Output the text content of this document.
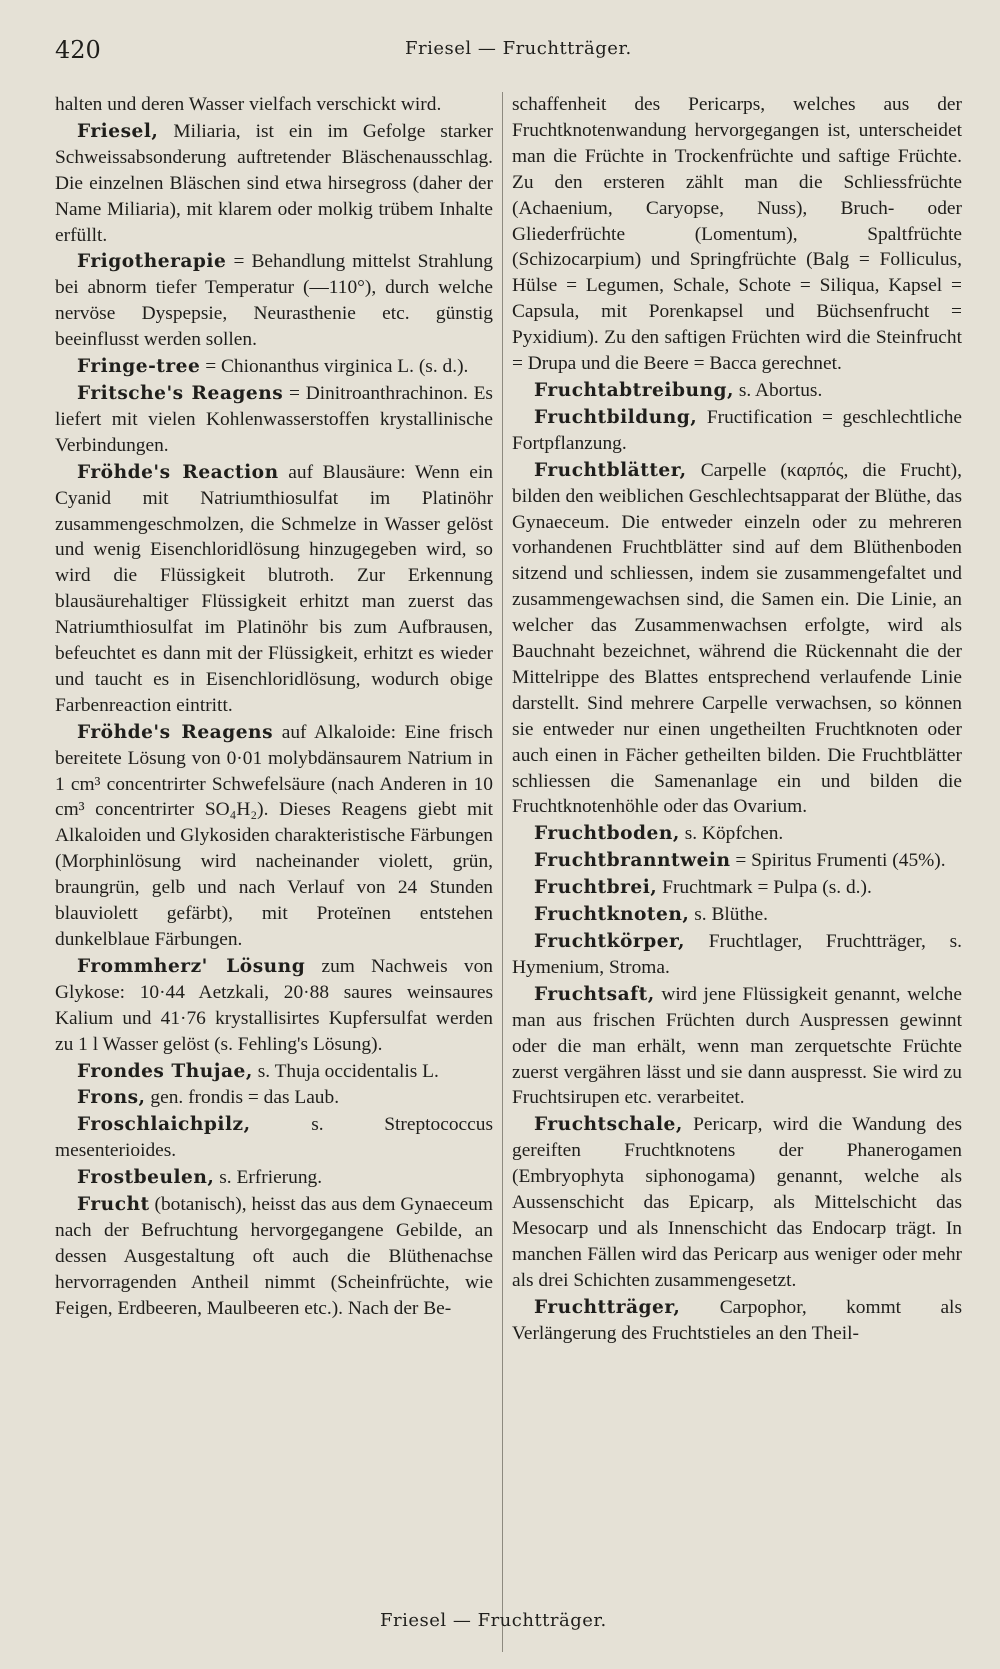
420	Friesel — Fruchtträger.

halten und deren Wasser vielfach verschickt wird.

Friesel, Miliaria, ist ein im Gefolge starker Schweissabsonderung auftretender Bläschenausschlag. Die einzelnen Bläschen sind etwa hirsegross (daher der Name Miliaria), mit klarem oder molkig trübem Inhalte erfüllt.

Frigotherapie = Behandlung mittelst Strahlung bei abnorm tiefer Temperatur (—110°), durch welche nervöse Dyspepsie, Neurasthenie etc. günstig beeinflusst werden sollen.

Fringe-tree = Chionanthus virginica L. (s. d.).

Fritsche's Reagens = Dinitroanthrachinon. Es liefert mit vielen Kohlenwasserstoffen krystallinische Verbindungen.

Fröhde's Reaction auf Blausäure: Wenn ein Cyanid mit Natriumthiosulfat im Platinöhr zusammengeschmolzen, die Schmelze in Wasser gelöst und wenig Eisenchloridlösung hinzugegeben wird, so wird die Flüssigkeit blutroth. Zur Erkennung blausäurehaltiger Flüssigkeit erhitzt man zuerst das Natriumthiosulfat im Platinöhr bis zum Aufbrausen, befeuchtet es dann mit der Flüssigkeit, erhitzt es wieder und taucht es in Eisenchloridlösung, wodurch obige Farbenreaction eintritt.

Fröhde's Reagens auf Alkaloide: Eine frisch bereitete Lösung von 0·01 molybdänsaurem Natrium in 1 cm³ concentrirter Schwefelsäure (nach Anderen in 10 cm³ concentrirter SO₄H₂). Dieses Reagens giebt mit Alkaloiden und Glykosiden charakteristische Färbungen (Morphinlösung wird nacheinander violett, grün, braungrün, gelb und nach Verlauf von 24 Stunden blauviolett gefärbt), mit Proteïnen entstehen dunkelblaue Färbungen.

Frommherz' Lösung zum Nachweis von Glykose: 10·44 Aetzkali, 20·88 saures weinsaures Kalium und 41·76 krystallisirtes Kupfersulfat werden zu 1 l Wasser gelöst (s. Fehling's Lösung).

Frondes Thujae, s. Thuja occidentalis L.

Frons, gen. frondis = das Laub.

Froschlaichpilz,	s. Streptococcus mesenterioides.

Frostbeulen, s. Erfrierung.

Frucht (botanisch), heisst das aus dem Gynaeceum nach der Befruchtung hervorgegangene Gebilde, an dessen Ausgestaltung oft auch die Blüthenachse hervorragenden Antheil nimmt (Scheinfrüchte, wie Feigen, Erdbeeren, Maulbeeren etc.). Nach der Be-

schaffenheit des Pericarps, welches aus der Fruchtknotenwandung hervorgegangen ist, unterscheidet man die Früchte in Trockenfrüchte und saftige Früchte. Zu den ersteren zählt man die Schliessfrüchte (Achaenium, Caryopse, Nuss), Bruch- oder Gliederfrüchte (Lomentum), Spaltfrüchte (Schizocarpium) und Springfrüchte (Balg = Folliculus, Hülse = Legumen, Schale, Schote = Siliqua, Kapsel = Capsula, mit Porenkapsel und Büchsenfrucht = Pyxidium). Zu den saftigen Früchten wird die Steinfrucht = Drupa und die Beere = Bacca gerechnet.

Fruchtabtreibung, s. Abortus.

Fruchtbildung, Fructification = geschlechtliche Fortpflanzung.

Fruchtblätter, Carpelle (καρπός, die Frucht), bilden den weiblichen Geschlechtsapparat der Blüthe, das Gynaeceum. Die entweder einzeln oder zu mehreren vorhandenen Fruchtblätter sind auf dem Blüthenboden sitzend und schliessen, indem sie zusammengefaltet und zusammengewachsen sind, die Samen ein. Die Linie, an welcher das Zusammenwachsen erfolgte, wird als Bauchnaht bezeichnet, während die Rückennaht die der Mittelrippe des Blattes entsprechend verlaufende Linie darstellt. Sind mehrere Carpelle verwachsen, so können sie entweder nur einen ungetheilten Fruchtknoten oder auch einen in Fächer getheilten bilden. Die Fruchtblätter schliessen die Samenanlage ein und bilden die Fruchtknotenhöhle oder das Ovarium.

Fruchtboden, s. Köpfchen.

Fruchtbranntwein = Spiritus Frumenti (45%).

Fruchtbrei, Fruchtmark = Pulpa (s. d.).

Fruchtknoten, s. Blüthe.

Fruchtkörper, Fruchtlager, Fruchtträger, s. Hymenium, Stroma.

Fruchtsaft, wird jene Flüssigkeit genannt, welche man aus frischen Früchten durch Auspressen gewinnt oder die man erhält, wenn man zerquetschte Früchte zuerst vergähren lässt und sie dann auspresst. Sie wird zu Fruchtsirupen etc. verarbeitet.

Fruchtschale, Pericarp, wird die Wandung des gereiften Fruchtknotens der Phanerogamen (Embryophyta siphonogama) genannt, welche als Aussenschicht das Epicarp, als Mittelschicht das Mesocarp und als Innenschicht das Endocarp trägt. In manchen Fällen wird das Pericarp aus weniger oder mehr als drei Schichten zusammengesetzt.

Fruchtträger, Carpophor, kommt als Verlängerung des Fruchtstieles an den Theil-

Friesel — Fruchtträger.
